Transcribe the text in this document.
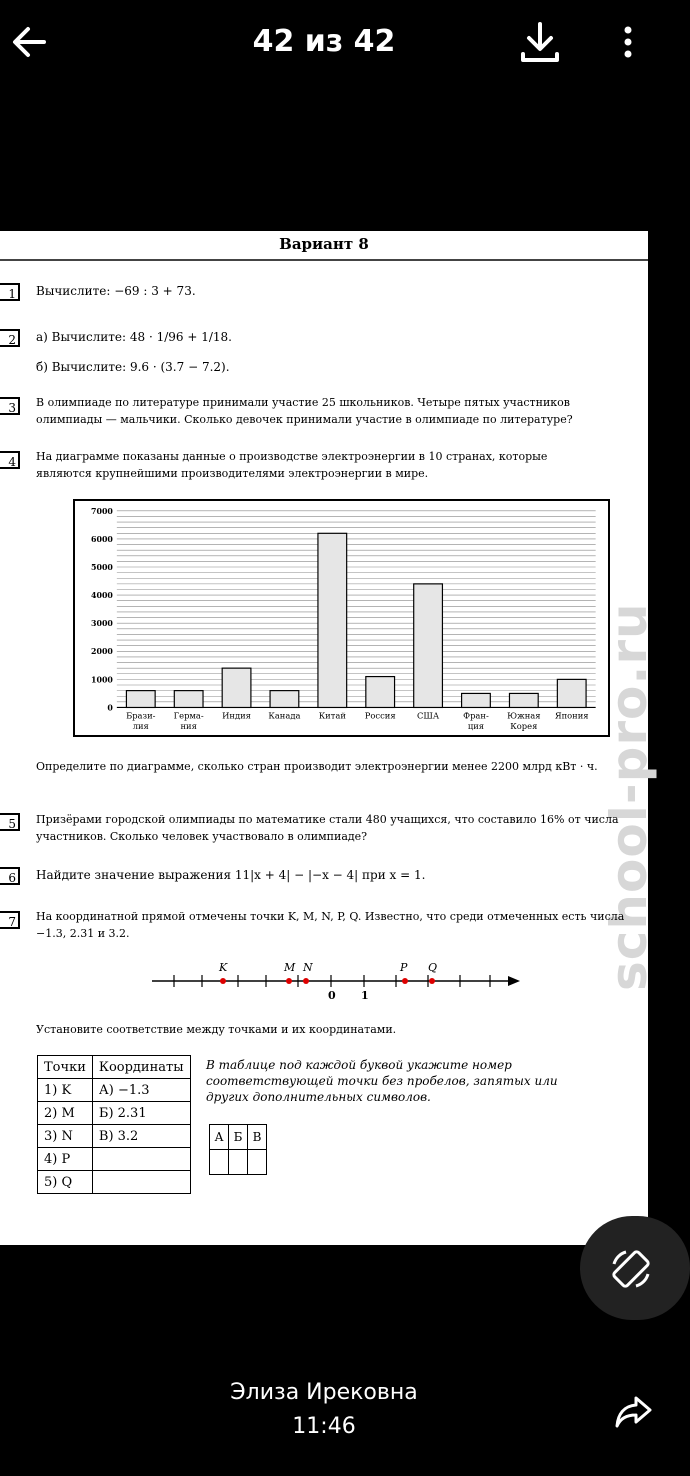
42 из 42
school-pro.ru
Вариант 8
1	Вычислите: −69 : 3 + 73.
2	а) Вычислите: 48 · 1/96 + 1/18.
б) Вычислите: 9.6 · (3.7 − 7.2).
3	В олимпиаде по литературе принимали участие 25 школьников. Четыре пятых участников олимпиады — мальчики. Сколько девочек принимали участие в олимпиаде по литературе?
4	На диаграмме показаны данные о производстве электроэнергии в 10 странах, которые являются крупнейшими производителями электроэнергии в мире.
0
1000
2000
3000
4000
5000
6000
7000
Брази-
лия
Герма-
ния
Индия Канада Китай Россия	США	Фран-
ция
Южная
Корея
Япония
Определите по диаграмме, сколько стран производит электроэнергии менее 2200 млрд кВт · ч.
5	Призёрами городской олимпиады по математике стали 480 учащихся, что составило 16% от числа участников. Сколько человек участвовало в олимпиаде?
6	Найдите значение выражения 11|x + 4| − |−x − 4| при x = 1.
7	На координатной прямой отмечены точки K, M, N, P, Q. Известно, что среди отмеченных есть числа −1.3, 2.31 и 3.2.
K	M N	P Q
0 1
Установите соответствие между точками и их координатами.
Точки	Координаты
1) K	А) −1.3
2) M	Б) 2.31
3) N	В) 3.2
4) P	
5) Q	
В таблице под каждой буквой укажите номер соответствующей точки без пробелов, запятых или других дополнительных символов.
А	Б	В

Элиза Ирековна
11:46
